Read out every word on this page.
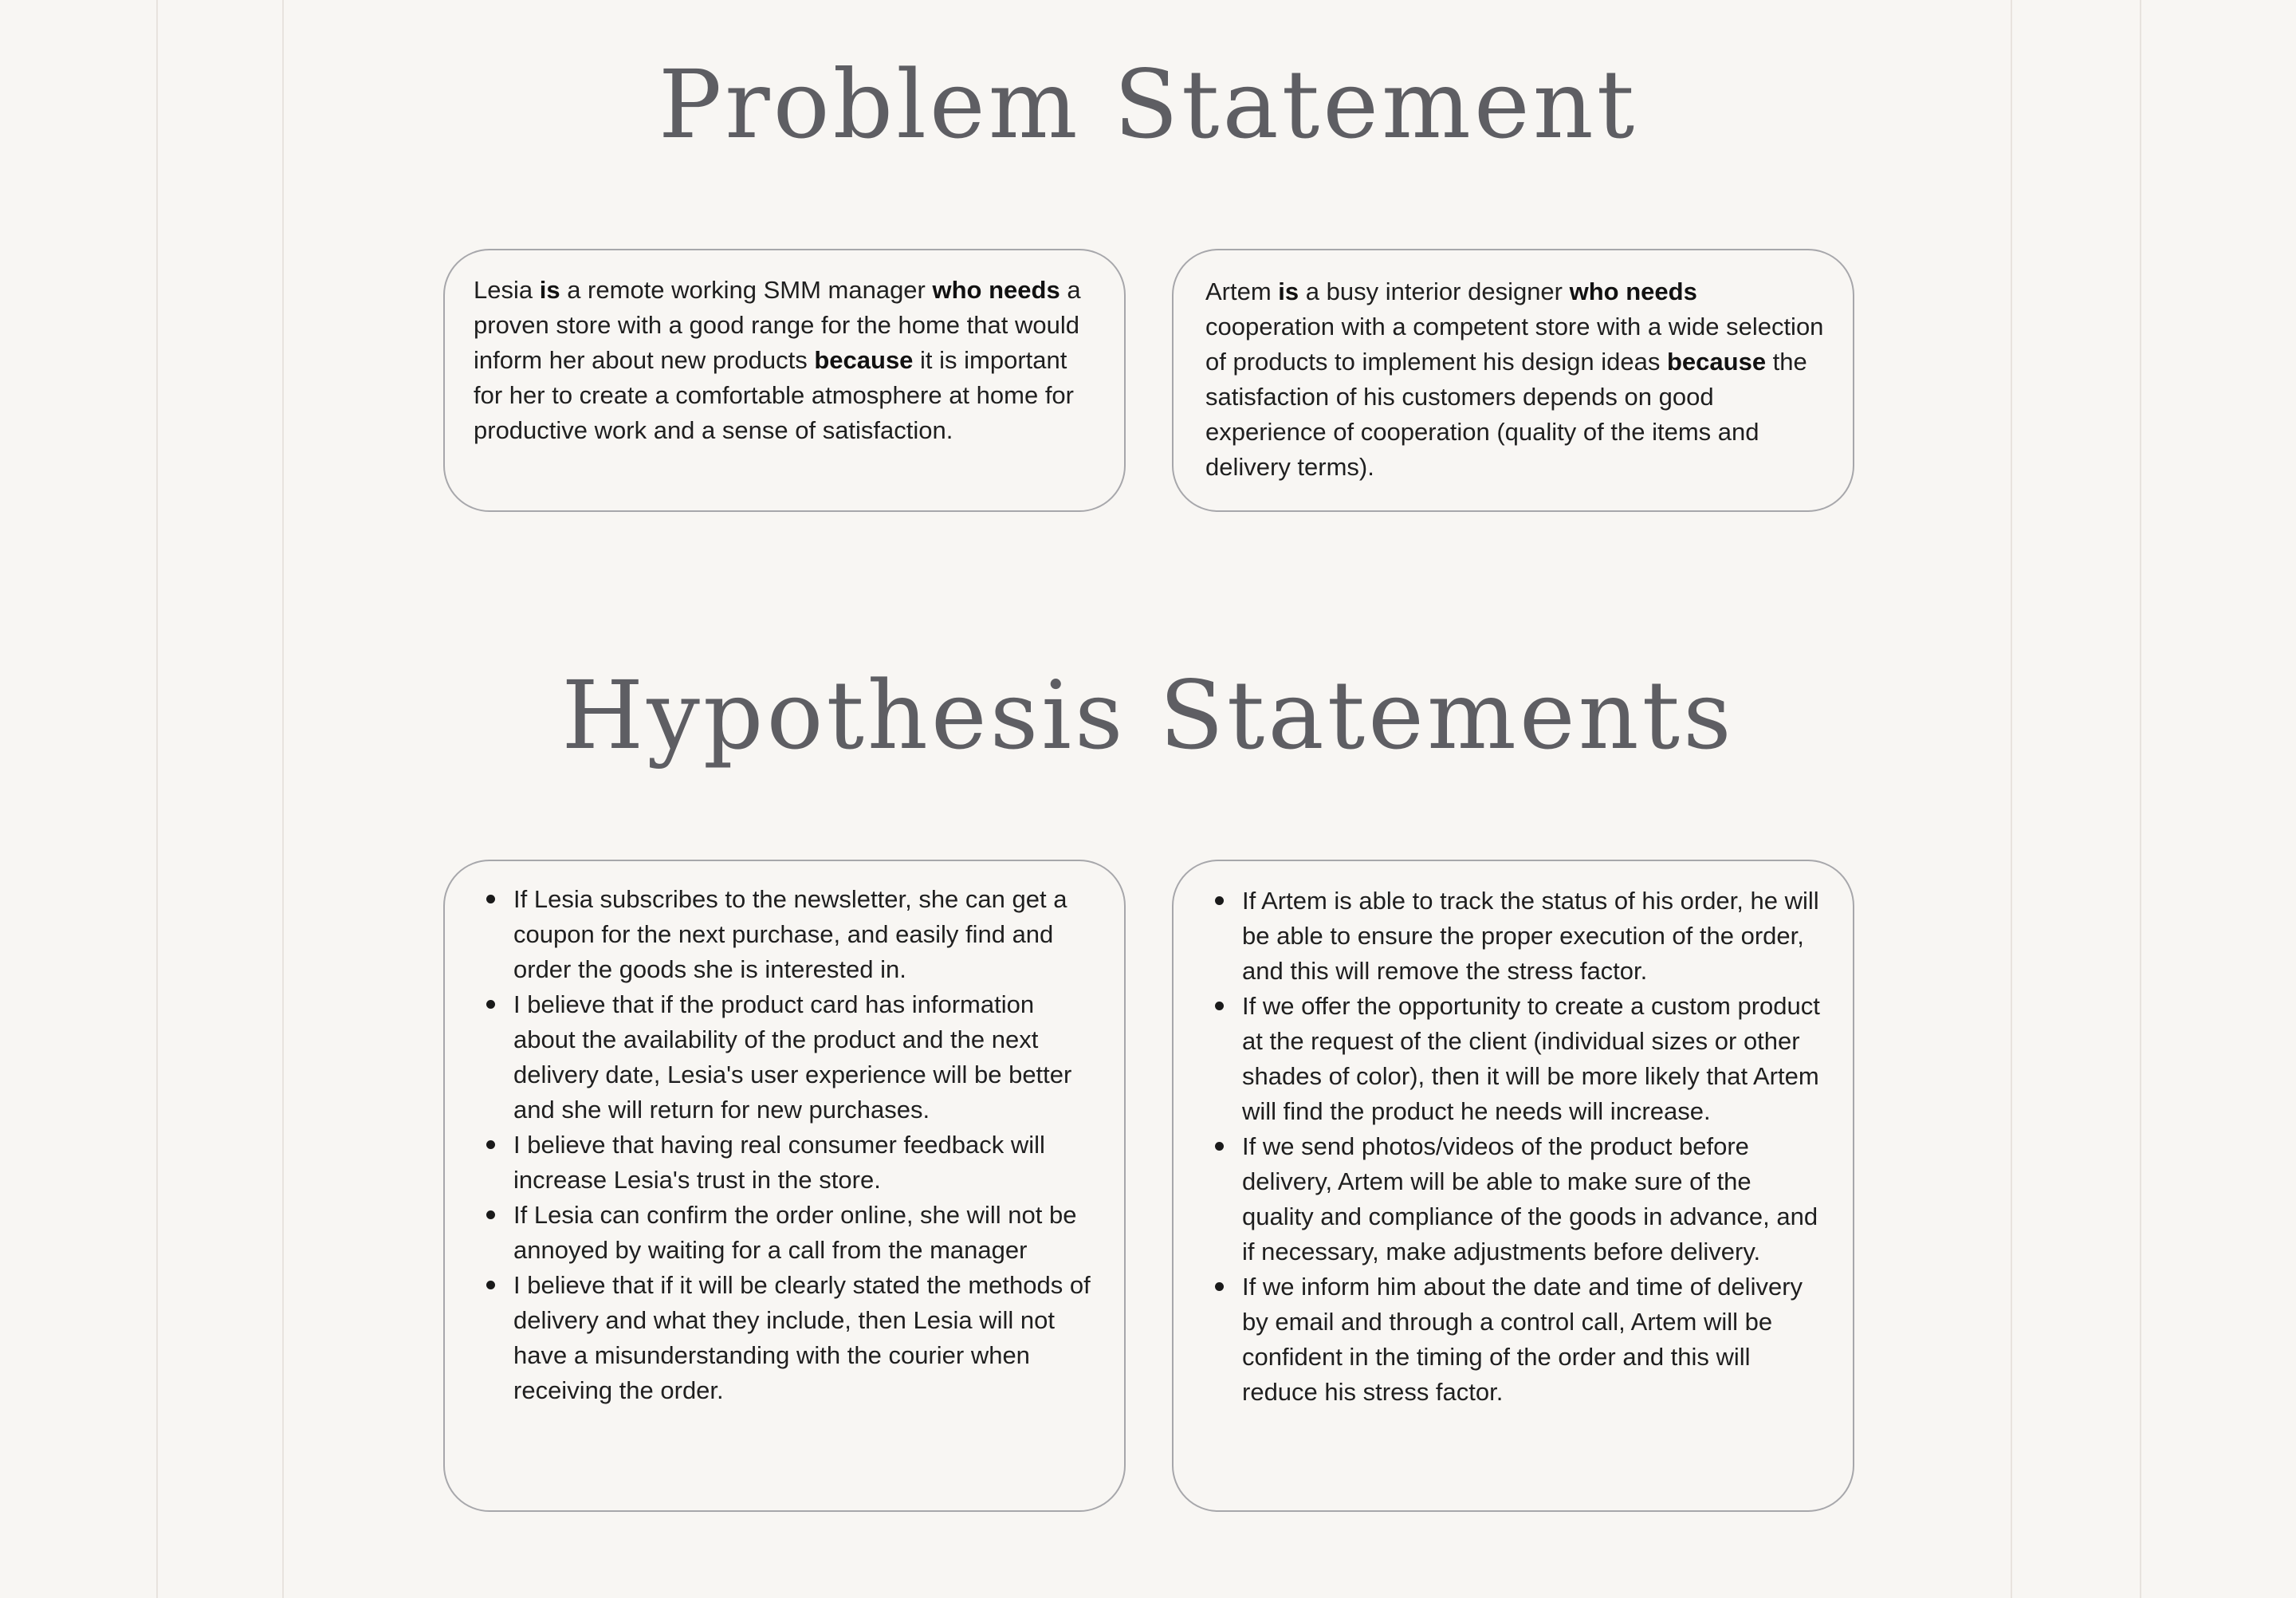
Problem Statement

Lesia is a remote working SMM manager who needs a proven store with a good range for the home that would inform her about new products because it is important for her to create a comfortable atmosphere at home for productive work and a sense of satisfaction.

Artem is a busy interior designer who needs cooperation with a competent store with a wide selection of products to implement his design ideas because the satisfaction of his customers depends on good experience of cooperation (quality of the items and delivery terms).

Hypothesis Statements
If Lesia subscribes to the newsletter, she can get a coupon for the next purchase, and easily find and order the goods she is interested in.
I believe that if the product card has information about the availability of the product and the next delivery date, Lesia's user experience will be better and she will return for new purchases.
I believe that having real consumer feedback will increase Lesia's trust in the store.
If Lesia can confirm the order online, she will not be annoyed by waiting for a call from the manager
I believe that if it will be clearly stated the methods of delivery and what they include, then Lesia will not have a misunderstanding with the courier when receiving the order.
If Artem is able to track the status of his order, he will be able to ensure the proper execution of the order, and this will remove the stress factor.
If we offer the opportunity to create a custom product at the request of the client (individual sizes or other shades of color), then it will be more likely that Artem will find the product he needs will increase.
If we send photos/videos of the product before delivery, Artem will be able to make sure of the quality and compliance of the goods in advance, and if necessary, make adjustments before delivery.
If we inform him about the date and time of delivery by email and through a control call, Artem will be confident in the timing of the order and this will reduce his stress factor.
